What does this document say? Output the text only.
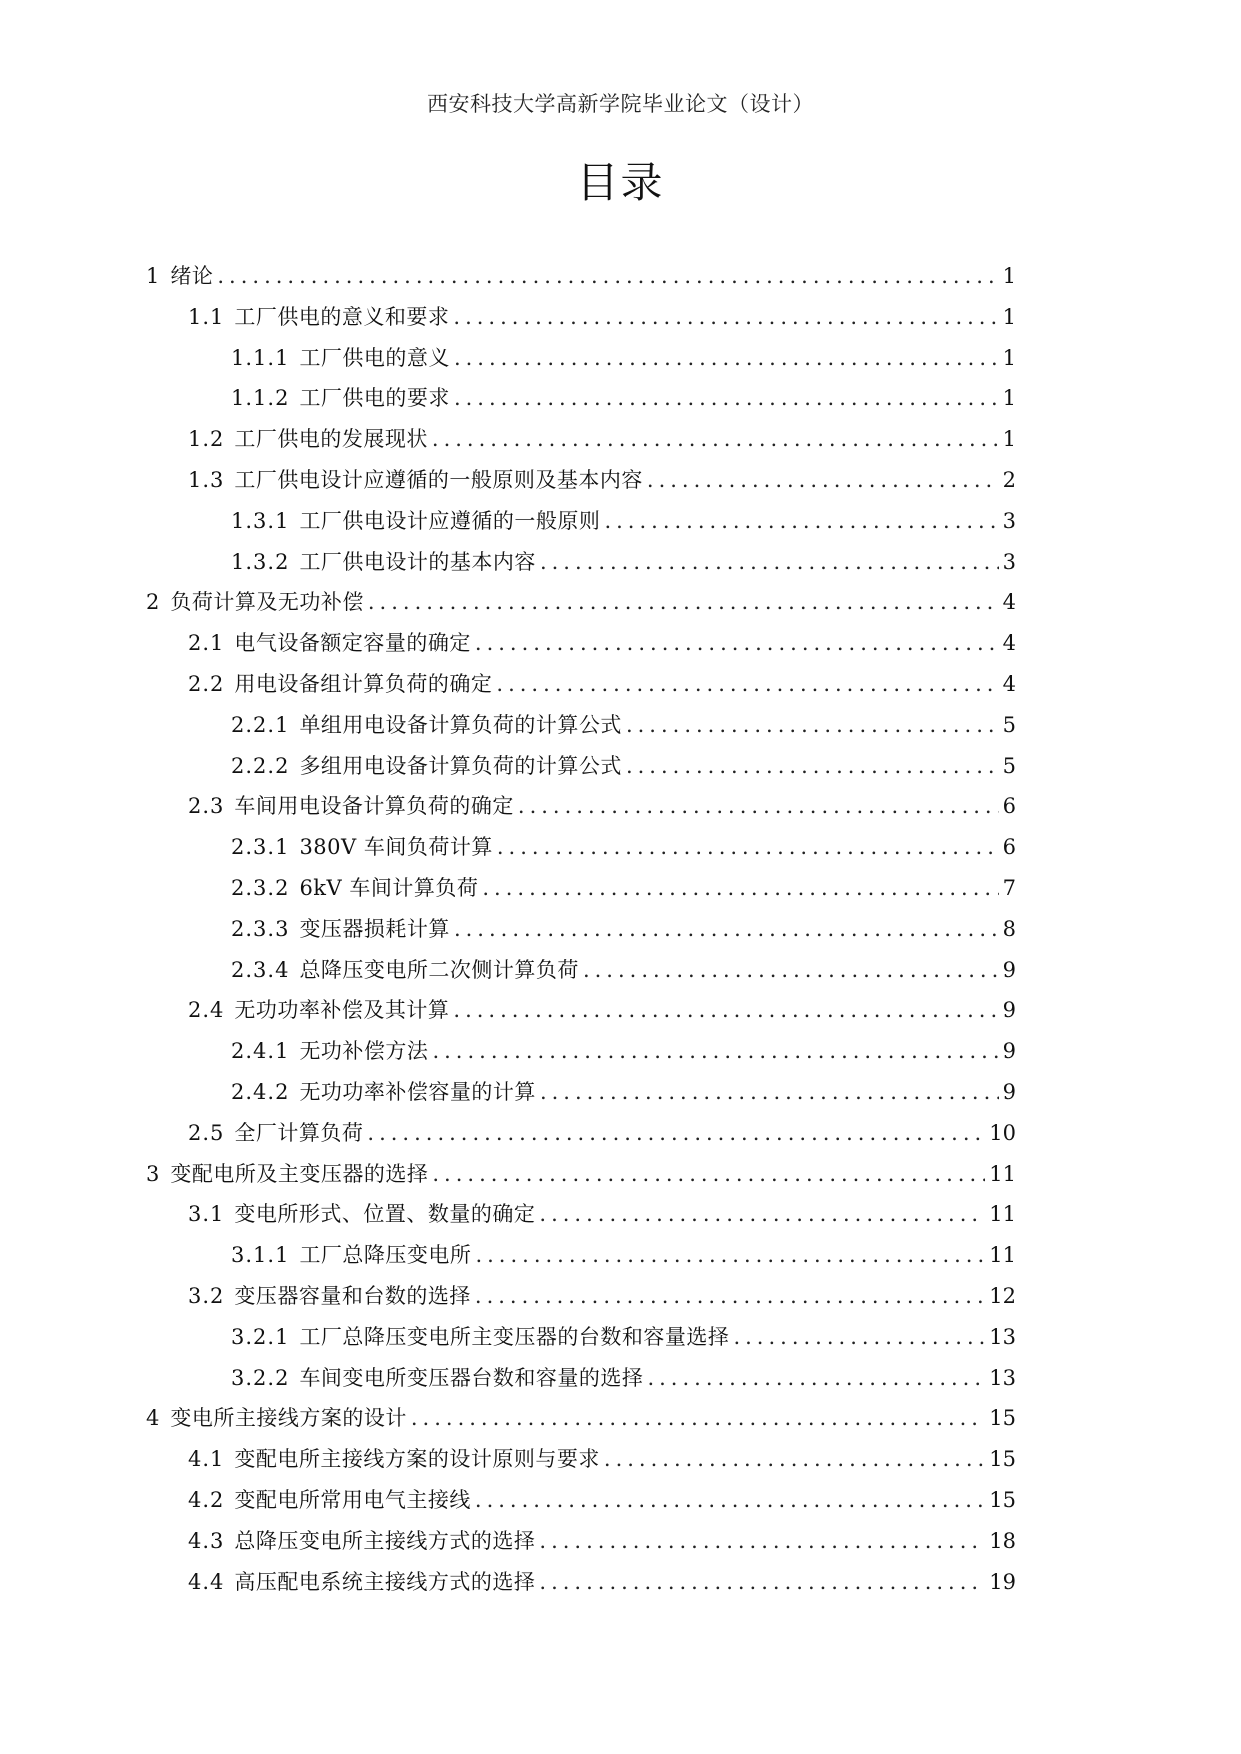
西安科技大学高新学院毕业论文（设计）
目录
1 绪论 .....	1
1.1 工厂供电的意义和要求 .....	1
1.1.1 工厂供电的意义 .....	1
1.1.2 工厂供电的要求 .....	1
1.2 工厂供电的发展现状 .....	1
1.3 工厂供电设计应遵循的一般原则及基本内容 .....	2
1.3.1 工厂供电设计应遵循的一般原则 .....	3
1.3.2 工厂供电设计的基本内容 .....	3
2 负荷计算及无功补偿 .....	4
2.1 电气设备额定容量的确定 .....	4
2.2 用电设备组计算负荷的确定 .....	4
2.2.1 单组用电设备计算负荷的计算公式 .....	5
2.2.2 多组用电设备计算负荷的计算公式 .....	5
2.3 车间用电设备计算负荷的确定 .....	6
2.3.1 380V 车间负荷计算 .....	6
2.3.2 6kV 车间计算负荷 .....	7
2.3.3 变压器损耗计算 .....	8
2.3.4 总降压变电所二次侧计算负荷 .....	9
2.4 无功功率补偿及其计算 .....	9
2.4.1 无功补偿方法 .....	9
2.4.2 无功功率补偿容量的计算 .....	9
2.5 全厂计算负荷 .....	10
3 变配电所及主变压器的选择 .....	11
3.1 变电所形式、位置、数量的确定 .....	11
3.1.1 工厂总降压变电所 .....	11
3.2 变压器容量和台数的选择 .....	12
3.2.1 工厂总降压变电所主变压器的台数和容量选择 .....	13
3.2.2 车间变电所变压器台数和容量的选择 .....	13
4 变电所主接线方案的设计 .....	15
4.1 变配电所主接线方案的设计原则与要求 .....	15
4.2 变配电所常用电气主接线 .....	15
4.3 总降压变电所主接线方式的选择 .....	18
4.4 高压配电系统主接线方式的选择 .....	19
